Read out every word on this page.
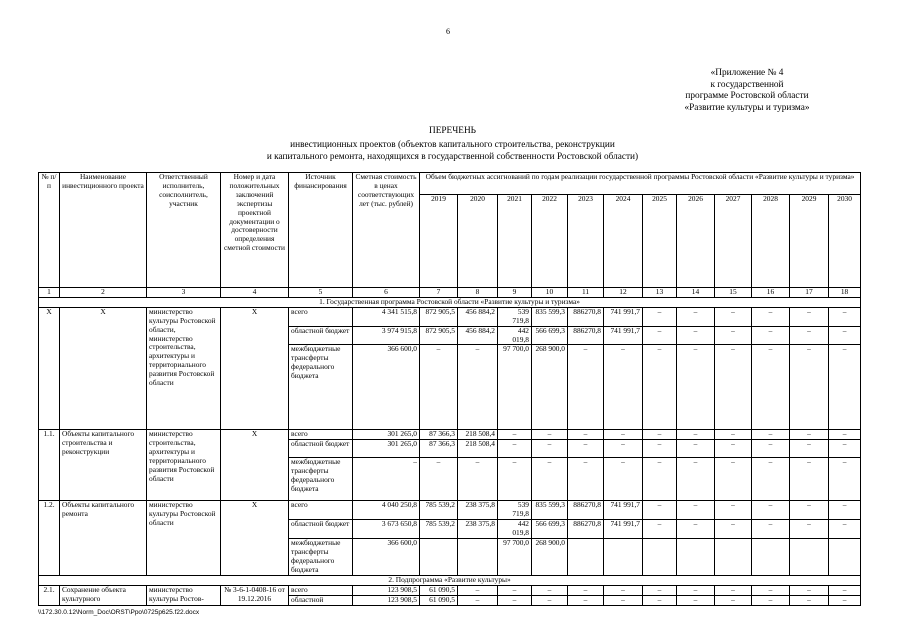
6
«Приложение № 4
к государственной
программе Ростовской области
«Развитие культуры и туризма»
ПЕРЕЧЕНЬ
инвестиционных проектов (объектов капитального строительства, реконструкции
и капитального ремонта, находящихся в государственной собственности Ростовской области)
№ п/п	Наименование инвестиционного проекта	Ответственный исполнитель, соисполнитель, участник	Номер и дата положительных заключений экспертизы проектной документации о достоверности определения сметной стоимости	Источник финансирования	Сметная стоимость в ценах соответствующих лет (тыс. рублей)	Объем бюджетных ассигнований по годам реализации государственной программы Ростовской области «Развитие культуры и туризма»											
						2019	2020	2021	2022	2023	2024	2025	2026	2027	2028	2029	2030
1	2	3	4	5	6	7	8	9	10	11	12	13	14	15	16	17	18
1. Государственная программа Ростовской области «Развитие культуры и туризма»																	
Х	Х	министерство культуры Ростовской области, министерство строительства, архитектуры и территориального развития Ростовской области	Х	всего	4 341 515,8	872 905,5	456 884,2	539 719,8	835 599,3	886270,8	741 991,7	–	–	–	–	–	–
				областной бюджет	3 974 915,8	872 905,5	456 884,2	442 019,8	566 699,3	886270,8	741 991,7	–	–	–	–	–	–
				межбюджетные трансферты федерального бюджета	366 600,0	–	–	97 700,0	268 900,0	–	–	–	–	–	–	–	–
1.1.	Объекты капитального строительства и реконструкции	министерство строительства, архитектуры и территориального развития Ростовской области	Х	всего	301 265,0	87 366,3	218 508,4	–	–	–	–	–	–	–	–	–	–
				областной бюджет	301 265,0	87 366,3	218 508,4	–	–	–	–	–	–	–	–	–	–
				межбюджетные трансферты федерального бюджета	–	–	–	–	–	–	–	–	–	–	–	–	–
1.2.	Объекты капитального ремонта	министерство культуры Ростовской области	Х	всего	4 040 250,8	785 539,2	238 375,8	539 719,8	835 599,3	886270,8	741 991,7	–	–	–	–	–	–
				областной бюджет	3 673 650,8	785 539,2	238 375,8	442 019,8	566 699,3	886270,8	741 991,7	–	–	–	–	–	–
				межбюджетные трансферты федерального бюджета	366 600,0			97 700,0	268 900,0								
2. Подпрограмма «Развитие культуры»																	
2.1.	Сохранение объекта культурного	министерство культуры Ростов-	№ 3-6-1-0408-16 от 19.12.2016	всего	123 908,5	61 090,5	–	–	–	–	–	–	–	–	–	–	–
				областной	123 908,5	61 090,5	–	–	–	–	–	–	–	–	–	–	–
\\172.30.0.12\Norm_Doc\ORST\Ppo\0725p625.f22.docx
